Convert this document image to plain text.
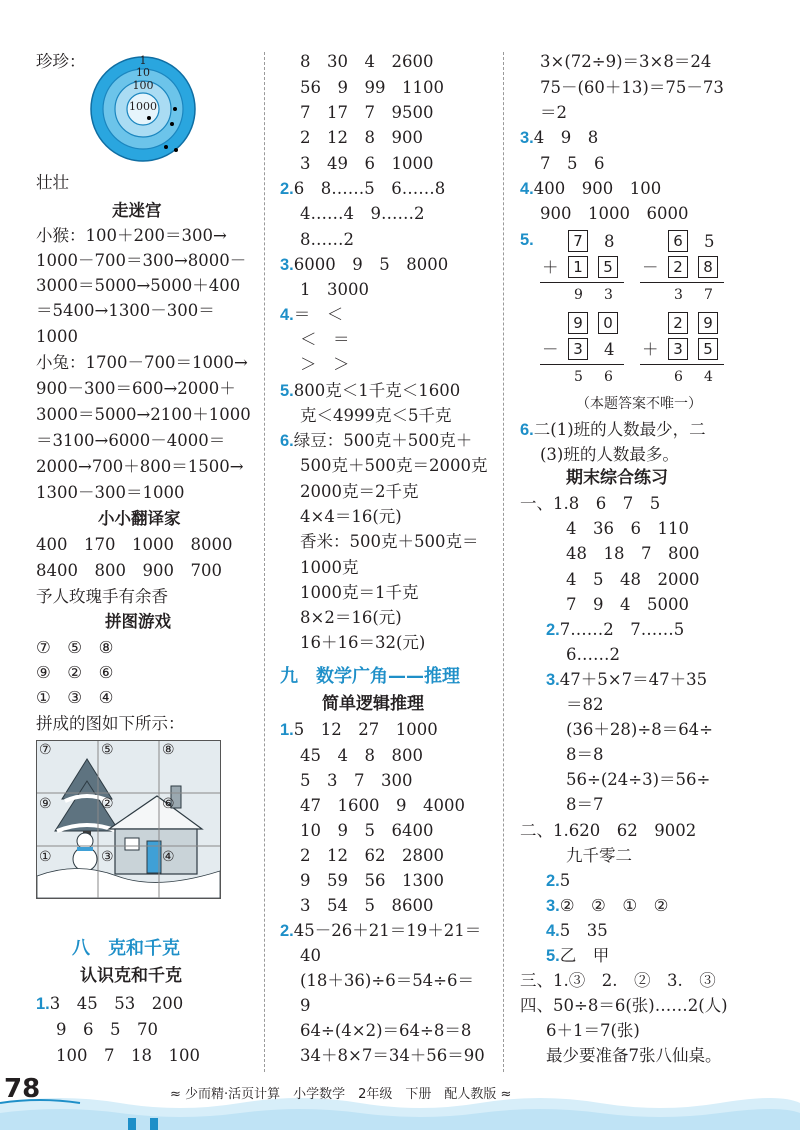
珍珍：	1
10
100
1000
壮壮
走迷宫
小猴：100＋200＝300→
1000－700＝300→8000－
3000＝5000→5000＋400
＝5400→1300－300＝
1000
小兔：1700－700＝1000→
900－300＝600→2000＋
3000＝5000→2100＋1000
＝3100→6000－4000＝
2000→700＋800＝1500→
1300－300＝1000
小小翻译家
400　170　1000　8000
8400　800　900　700
予人玫瑰手有余香
拼图游戏
⑦　⑤　⑧
⑨　②　⑥
①　③　④
拼成的图如下所示：
⑦	⑤	⑧
⑨	②	⑥
①	③	④
八　克和千克
认识克和千克
1.3　45　53　200
9　6　5　70
100　7　18　100
8　30　4　2600
56　9　99　1100
7　17　7　9500
2　12　8　900
3　49　6　1000
2.6　8……5　6……8
4……4　9……2
8……2
3.6000　9　5　8000
1　3000
4.＝　＜
＜　＝
＞　＞
5.800克＜1千克＜1600
克＜4999克＜5千克
6.绿豆：500克＋500克＋
500克＋500克＝2000克
2000克＝2千克
4×4＝16(元)
香米：500克＋500克＝
1000克
1000克＝1千克
8×2＝16(元)
16＋16＝32(元)
九　数学广角——推理
简单逻辑推理
1.5　12　27　1000
45　4　8　800
5　3　7　300
47　1600　9　4000
10　9　5　6400
2　12　62　2800
9　59　56　1300
3　54　5　8600
2.45－26＋21＝19＋21＝
40
(18＋36)÷6＝54÷6＝
9
64÷(4×2)＝64÷8＝8
34＋8×7＝34＋56＝90
3×(72÷9)＝3×8＝24
75－(60＋13)＝75－73
＝2
3.4　9　8
7　5　6
4.400　900　100
900　1000　6000
5.	7	8
＋ 1	5
9 3
6	5
－ 2	8
3 7
9	0
－ 3	4
5 6
2	9
＋ 3	5
6 4
（本题答案不唯一）
6.二(1)班的人数最少，二
(3)班的人数最多。
期末综合练习
一、1.8　6　7　5
4　36　6　110
48　18　7　800
4　5　48　2000
7　9　4　5000
2.7……2　7……5
6……2
3.47＋5×7＝47＋35
＝82
(36＋28)÷8＝64÷
8＝8
56÷(24÷3)＝56÷
8＝7
二、1.620　62　9002
九千零二
2.5
3.②　②　①　②
4.5　35
5.乙　甲
三、1.③　2.　②　3.　③
四、50÷8＝6(张)……2(人)
6＋1＝7(张)
最少要准备7张八仙桌。
78	≈ 少而精·活页计算　小学数学　2年级　下册　配人教版 ≈
